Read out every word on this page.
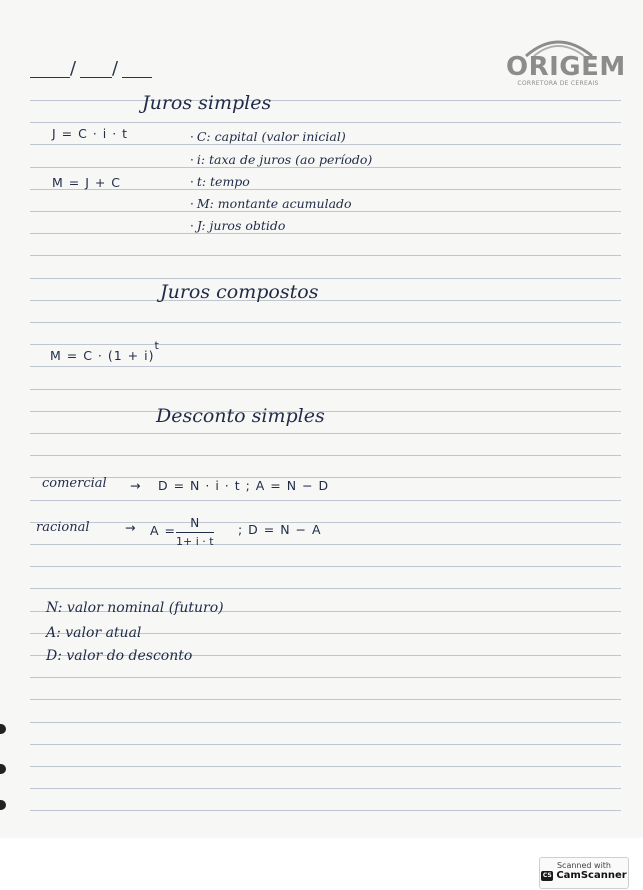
/ /	ORIGEM
CORRETORA DE CEREAIS
Juros simples
J = C · i · t
M = J + C
· C: capital (valor inicial)
· i: taxa de juros (ao período)
· t: tempo
· M: montante acumulado
· J: juros obtido
Juros compostos
$M = C \cdot (1 + i)^t$
Desconto simples
comercial → D = N · i · t ; A = N − D
racional	→ $A = \frac{N}{1+ i \cdot t}$ ; D = N − A
N: valor nominal (futuro)
A: valor atual
D: valor do desconto
Scanned with
CS CamScanner
